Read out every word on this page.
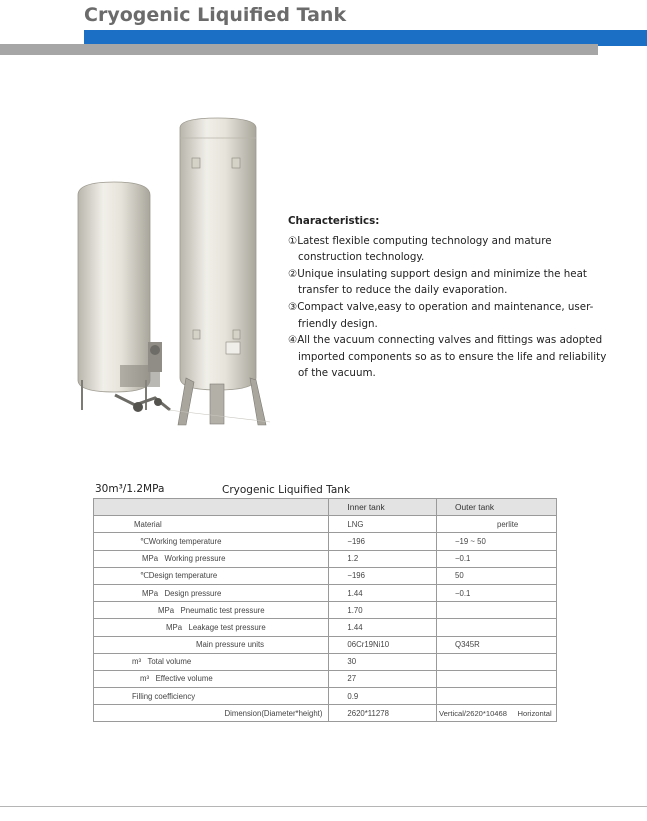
Cryogenic Liquified Tank
Characteristics:
①Latest flexible computing technology and mature construction technology.
②Unique insulating support design and minimize the heat transfer to reduce the daily evaporation.
③Compact valve,easy to operation and maintenance, user-friendly design.
④All the vacuum connecting valves and fittings was adopted imported components so as to ensure the life and reliability of the vacuum.
30m³/1.2MPa	Cryogenic Liquified Tank
	Inner tank	Outer tank
Material	LNG	perlite
℃Working temperature	−196	−19 ~ 50
MPa   Working pressure	1.2	−0.1
℃Design temperature	−196	50
MPa   Design pressure	1.44	−0.1
MPa   Pneumatic test pressure	1.70	
MPa   Leakage test pressure	1.44	
Main pressure units	06Cr19Ni10	Q345R
m³   Total volume	30	
m³   Effective volume	27	
Filling coefficiency	0.9	
Dimension(Diameter*height)	2620*11278	Vertical/2620*10468     Horizontal
